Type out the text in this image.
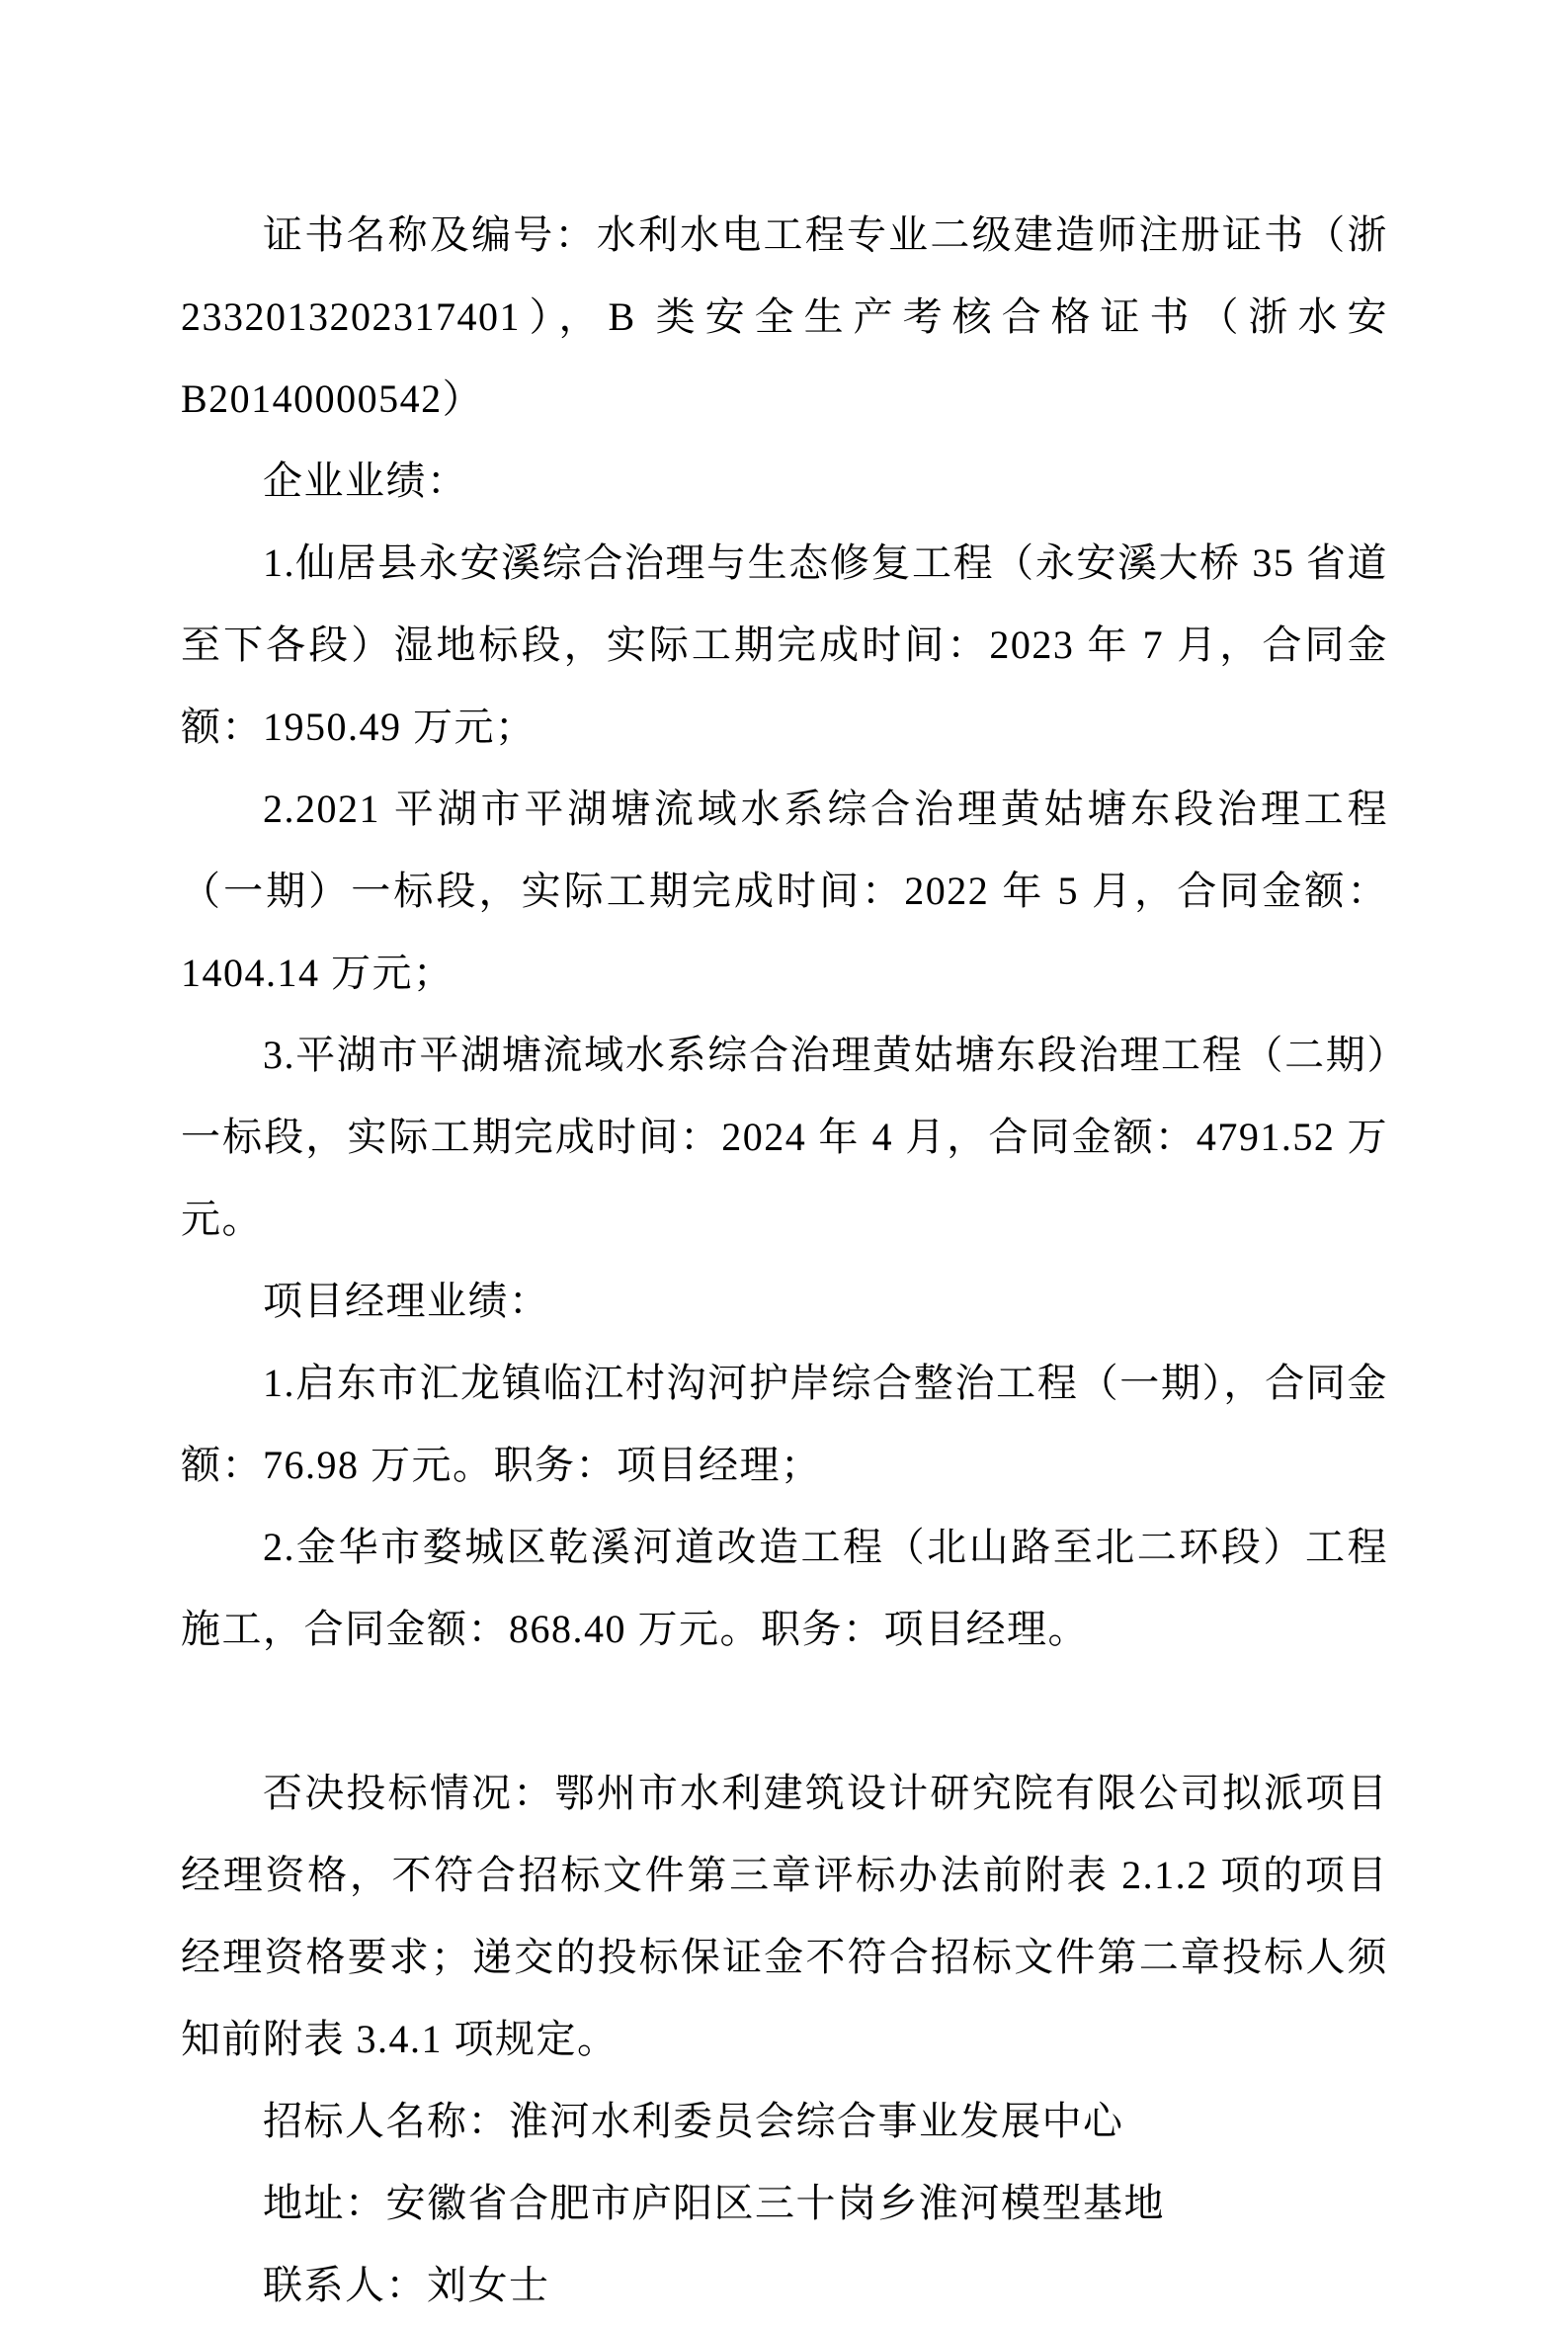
证书名称及编号：水利水电工程专业二级建造师注册证书（浙 2332013202317401），B 类安全生产考核合格证书（浙水安 B20140000542）

企业业绩：

1.仙居县永安溪综合治理与生态修复工程（永安溪大桥 35 省道至下各段）湿地标段，实际工期完成时间：2023 年 7 月，合同金额：1950.49 万元；

2.2021 平湖市平湖塘流域水系综合治理黄姑塘东段治理工程（一期）一标段，实际工期完成时间：2022 年 5 月，合同金额：1404.14 万元；

3.平湖市平湖塘流域水系综合治理黄姑塘东段治理工程（二期）一标段，实际工期完成时间：2024 年 4 月，合同金额：4791.52 万元。

项目经理业绩：

1.启东市汇龙镇临江村沟河护岸综合整治工程（一期），合同金额：76.98 万元。职务：项目经理；

2.金华市婺城区乾溪河道改造工程（北山路至北二环段）工程施工，合同金额：868.40 万元。职务：项目经理。

否决投标情况：鄂州市水利建筑设计研究院有限公司拟派项目经理资格，不符合招标文件第三章评标办法前附表 2.1.2 项的项目经理资格要求；递交的投标保证金不符合招标文件第二章投标人须知前附表 3.4.1 项规定。

招标人名称：淮河水利委员会综合事业发展中心

地址：安徽省合肥市庐阳区三十岗乡淮河模型基地

联系人：刘女士
